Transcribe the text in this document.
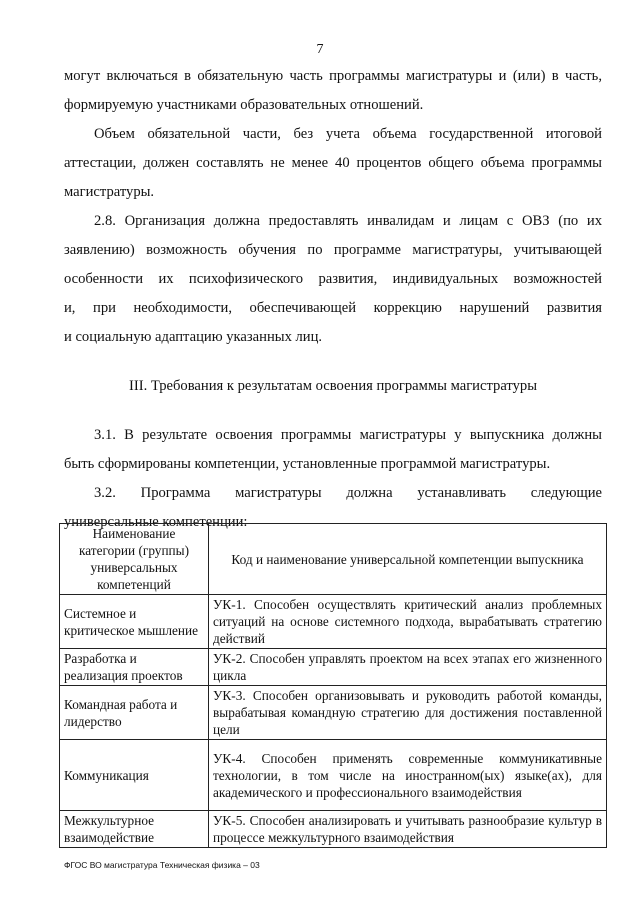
7
могут включаться в обязательную часть программы магистратуры и (или) в часть,
формируемую участниками образовательных отношений.
Объем обязательной части, без учета объема государственной итоговой
аттестации, должен составлять не менее 40 процентов общего объема программы
магистратуры.
2.8. Организация должна предоставлять инвалидам и лицам с ОВЗ (по их
заявлению) возможность обучения по программе магистратуры, учитывающей
особенности их психофизического развития, индивидуальных возможностей
и, при необходимости, обеспечивающей коррекцию нарушений развития
и социальную адаптацию указанных лиц.
III. Требования к результатам освоения программы магистратуры
3.1. В результате освоения программы магистратуры у выпускника должны
быть сформированы компетенции, установленные программой магистратуры.
3.2. Программа магистратуры должна устанавливать следующие
универсальные компетенции:
Наименование категории (группы) универсальных компетенций	Код и наименование универсальной компетенции выпускника
Системное и критическое мышление	УК-1. Способен осуществлять критический анализ проблемных ситуаций на основе системного подхода, вырабатывать стратегию действий
Разработка и реализация проектов	УК-2. Способен управлять проектом на всех этапах его жизненного цикла
Командная работа и лидерство	УК-3. Способен организовывать и руководить работой команды, вырабатывая командную стратегию для достижения поставленной цели
Коммуникация	УК-4. Способен применять современные коммуникативные технологии, в том числе на иностранном(ых) языке(ах), для академического и профессионального взаимодействия
Межкультурное взаимодействие	УК-5. Способен анализировать и учитывать разнообразие культур в процессе межкультурного взаимодействия
ФГОС ВО магистратура Техническая физика – 03
